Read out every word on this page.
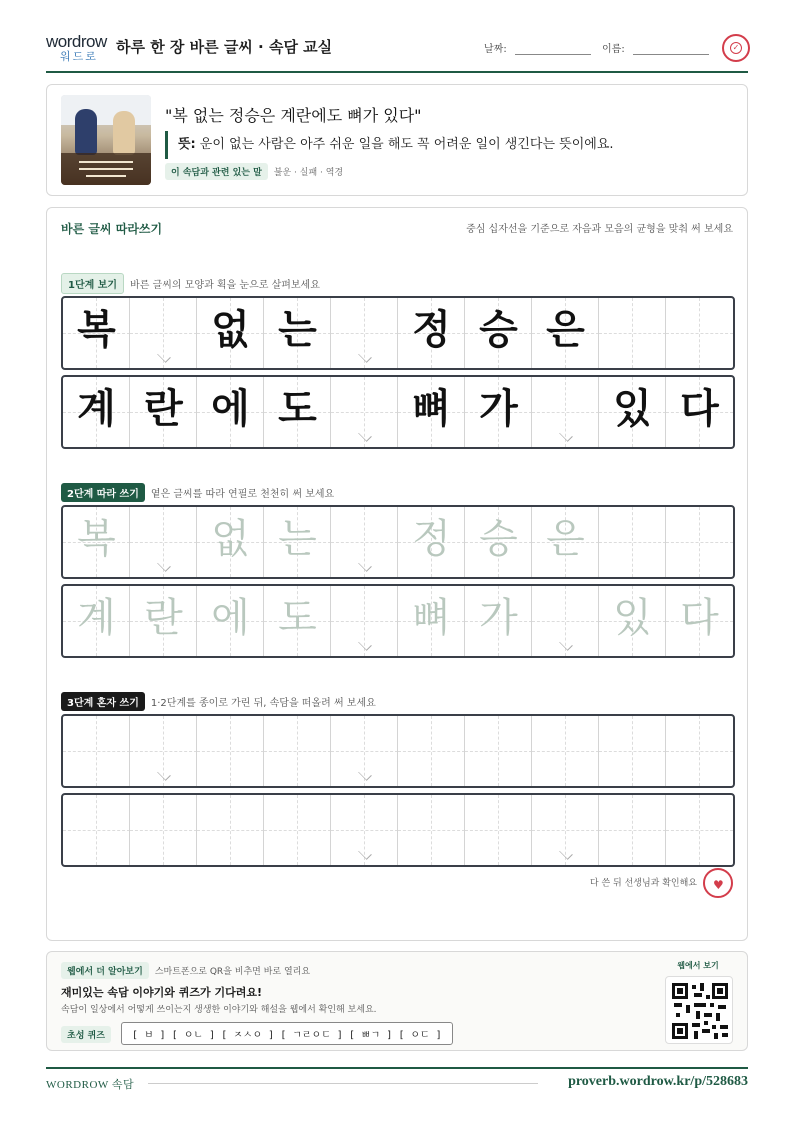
wordrow
워드로
하루 한 장 바른 글씨 · 속담 교실	날짜:	이름:	✓
"복 없는 정승은 계란에도 뼈가 있다"
뜻: 운이 없는 사람은 아주 쉬운 일을 해도 꼭 어려운 일이 생긴다는 뜻이에요.
이 속담과 관련 있는 말 불운 · 실패 · 역경
바른 글씨 따라쓰기	중심 십자선을 기준으로 자음과 모음의 균형을 맞춰 써 보세요
1단계 보기 바른 글씨의 모양과 획을 눈으로 살펴보세요
복	없 는	정 승 은
계 란 에 도	뼈 가	있 다
2단계 따라 쓰기 옅은 글씨를 따라 연필로 천천히 써 보세요
복	없 는	정 승 은
계 란 에 도	뼈 가	있 다
3단계 혼자 쓰기 1·2단계를 종이로 가린 뒤, 속담을 떠올려 써 보세요
다 쓴 뒤 선생님과 확인해요 ♥
웹에서 더 알아보기 스마트폰으로 QR을 비추면 바로 열리요
재미있는 속담 이야기와 퀴즈가 기다려요!
속담이 일상에서 어떻게 쓰이는지 생생한 이야기와 해설을 웹에서 확인해 보세요.
초성 퀴즈	[ ㅂ ] [ ㅇㄴ ] [ ㅈㅅㅇ ] [ ㄱㄹㅇㄷ ] [ ㅃㄱ ] [ ㅇㄷ ]
웹에서 보기
WORDROW 속담	proverb.wordrow.kr/p/528683
